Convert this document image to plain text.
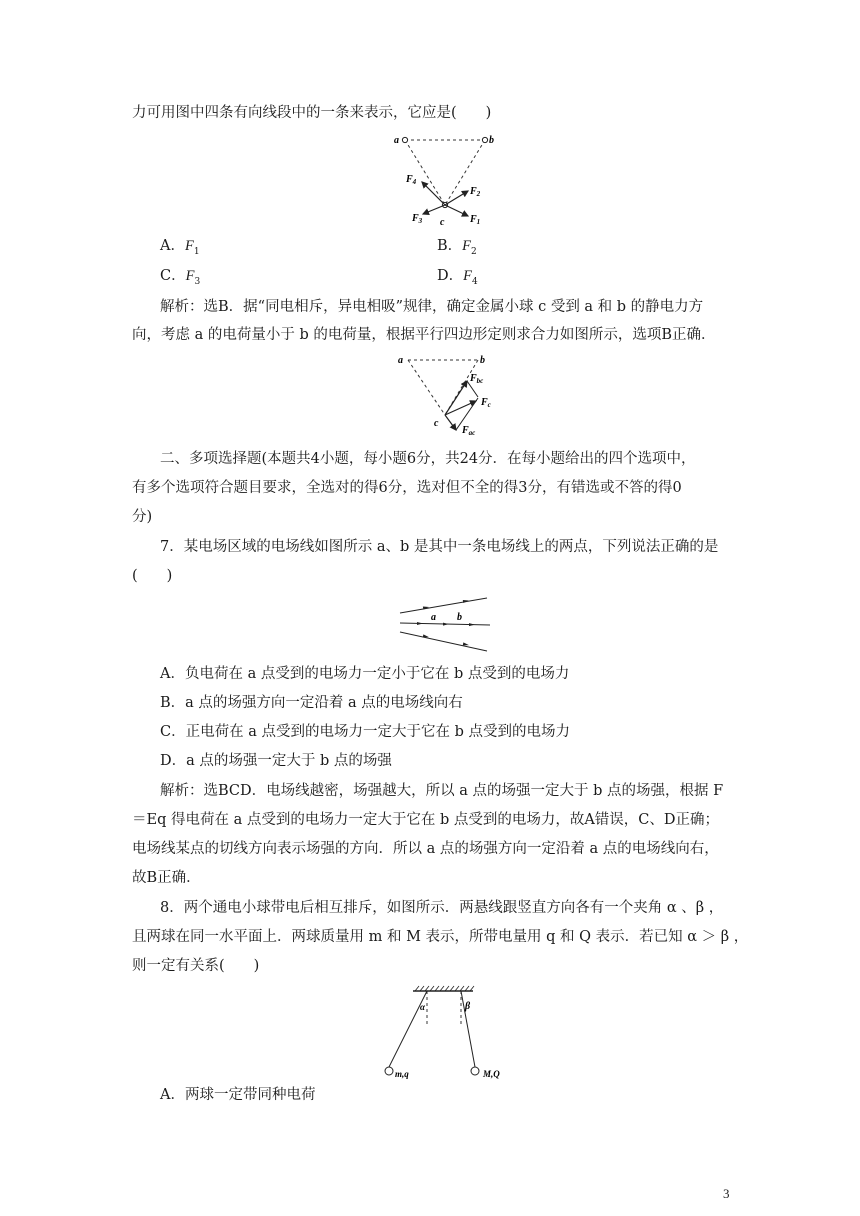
力可用图中四条有向线段中的一条来表示，它应是(　　)
a	b
c
$F_4$
$F_2$
$F_3$	$F_1$
A．$F_1$	B．$F_2$
C．$F_3$	D．$F_4$
解析：选B．据“同电相斥，异电相吸”规律，确定金属小球 c 受到 a 和 b 的静电力方
向，考虑 a 的电荷量小于 b 的电荷量，根据平行四边形定则求合力如图所示，选项B正确．
a	b
c
$F_{bc}$
$F_c$
$F_{ac}$
二、多项选择题(本题共4小题，每小题6分，共24分．在每小题给出的四个选项中，
有多个选项符合题目要求，全选对的得6分，选对但不全的得3分，有错选或不答的得0
分)
7．某电场区域的电场线如图所示 a、b 是其中一条电场线上的两点，下列说法正确的是
(　　)
a b
A．负电荷在 a 点受到的电场力一定小于它在 b 点受到的电场力
B．a 点的场强方向一定沿着 a 点的电场线向右
C．正电荷在 a 点受到的电场力一定大于它在 b 点受到的电场力
D．a 点的场强一定大于 b 点的场强
解析：选BCD．电场线越密，场强越大，所以 a 点的场强一定大于 b 点的场强，根据 F
＝Eq 得电荷在 a 点受到的电场力一定大于它在 b 点受到的电场力，故A错误，C、D正确；
电场线某点的切线方向表示场强的方向．所以 a 点的场强方向一定沿着 a 点的电场线向右，
故B正确．
8．两个通电小球带电后相互排斥，如图所示．两悬线跟竖直方向各有一个夹角 α 、β ，
且两球在同一水平面上．两球质量用 m 和 M 表示，所带电量用 q 和 Q 表示．若已知 α ＞ β ，
则一定有关系(　　)
α	β
m,q	M,Q
A．两球一定带同种电荷
3
